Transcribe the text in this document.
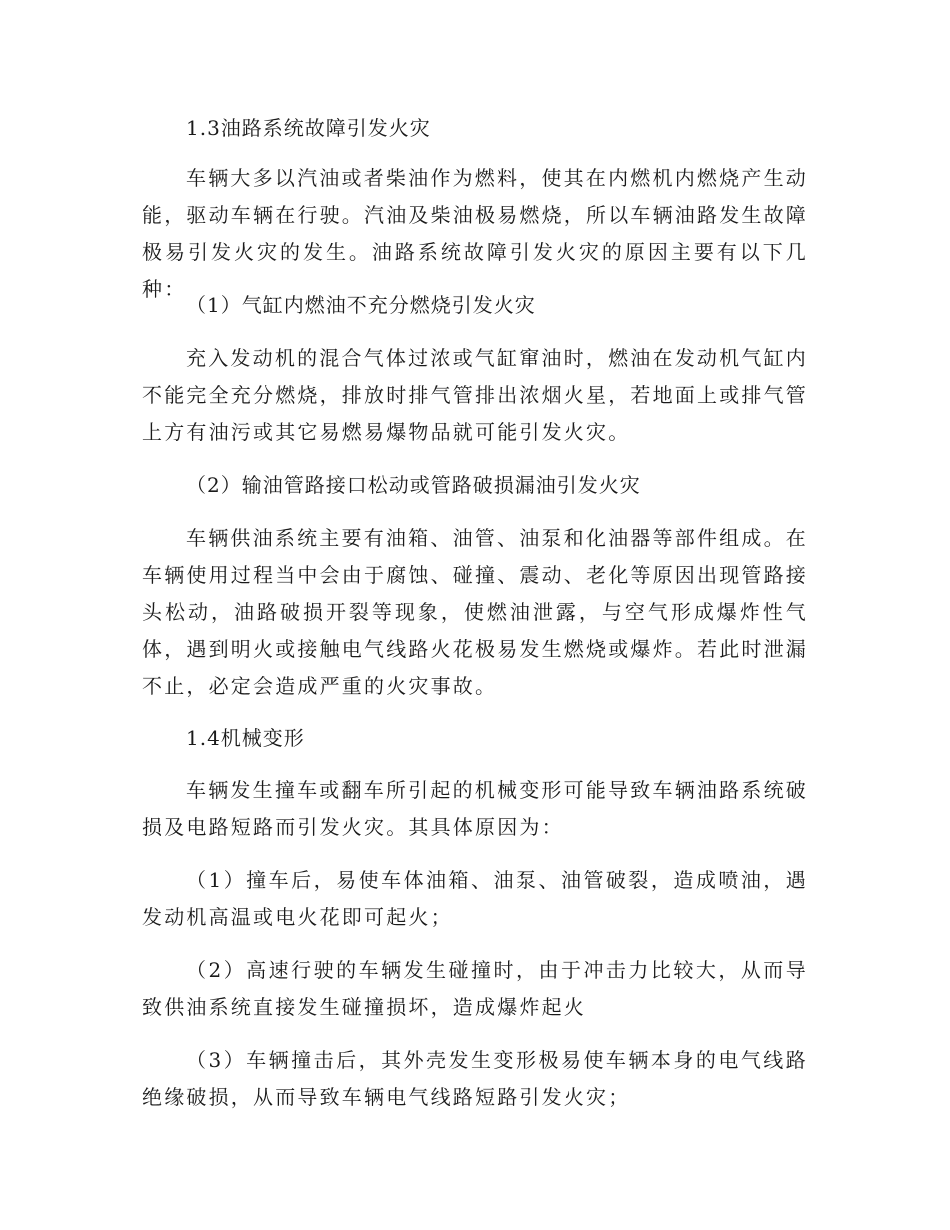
1.3油路系统故障引发火灾

车辆大多以汽油或者柴油作为燃料，使其在内燃机内燃烧产生动能，驱动车辆在行驶。汽油及柴油极易燃烧，所以车辆油路发生故障极易引发火灾的发生。油路系统故障引发火灾的原因主要有以下几种：

（1）气缸内燃油不充分燃烧引发火灾

充入发动机的混合气体过浓或气缸窜油时，燃油在发动机气缸内不能完全充分燃烧，排放时排气管排出浓烟火星，若地面上或排气管上方有油污或其它易燃易爆物品就可能引发火灾。

（2）输油管路接口松动或管路破损漏油引发火灾

车辆供油系统主要有油箱、油管、油泵和化油器等部件组成。在车辆使用过程当中会由于腐蚀、碰撞、震动、老化等原因出现管路接头松动，油路破损开裂等现象，使燃油泄露，与空气形成爆炸性气体，遇到明火或接触电气线路火花极易发生燃烧或爆炸。若此时泄漏不止，必定会造成严重的火灾事故。

1.4机械变形

车辆发生撞车或翻车所引起的机械变形可能导致车辆油路系统破损及电路短路而引发火灾。其具体原因为：

（1）撞车后，易使车体油箱、油泵、油管破裂，造成喷油，遇发动机高温或电火花即可起火；

（2）高速行驶的车辆发生碰撞时，由于冲击力比较大，从而导致供油系统直接发生碰撞损坏，造成爆炸起火

（3）车辆撞击后，其外壳发生变形极易使车辆本身的电气线路绝缘破损，从而导致车辆电气线路短路引发火灾；
